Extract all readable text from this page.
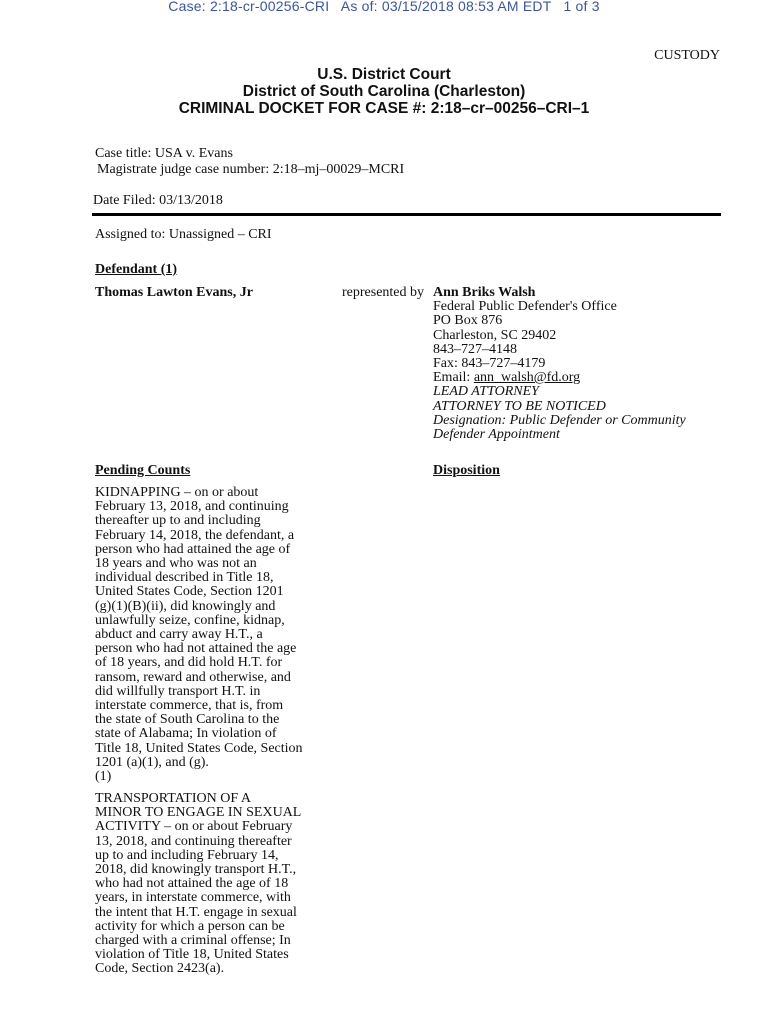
Case: 2:18-cr-00256-CRI   As of: 03/15/2018 08:53 AM EDT   1 of 3
CUSTODY
U.S. District Court
District of South Carolina (Charleston)
CRIMINAL DOCKET FOR CASE #: 2:18–cr–00256–CRI–1
Case title: USA v. Evans
Magistrate judge case number: 2:18–mj–00029–MCRI
Date Filed: 03/13/2018
Assigned to: Unassigned – CRI
Defendant (1)
Thomas Lawton Evans, Jr	represented by Ann Briks Walsh
Federal Public Defender's Office
PO Box 876
Charleston, SC 29402
843–727–4148
Fax: 843–727–4179
Email: ann_walsh@fd.org
LEAD ATTORNEY
ATTORNEY TO BE NOTICED
Designation: Public Defender or Community
Defender Appointment
Pending Counts	Disposition
KIDNAPPING – on or about
February 13, 2018, and continuing
thereafter up to and including
February 14, 2018, the defendant, a
person who had attained the age of
18 years and who was not an
individual described in Title 18,
United States Code, Section 1201
(g)(1)(B)(ii), did knowingly and
unlawfully seize, confine, kidnap,
abduct and carry away H.T., a
person who had not attained the age
of 18 years, and did hold H.T. for
ransom, reward and otherwise, and
did willfully transport H.T. in
interstate commerce, that is, from
the state of South Carolina to the
state of Alabama; In violation of
Title 18, United States Code, Section
1201 (a)(1), and (g).
(1)
TRANSPORTATION OF A
MINOR TO ENGAGE IN SEXUAL
ACTIVITY – on or about February
13, 2018, and continuing thereafter
up to and including February 14,
2018, did knowingly transport H.T.,
who had not attained the age of 18
years, in interstate commerce, with
the intent that H.T. engage in sexual
activity for which a person can be
charged with a criminal offense; In
violation of Title 18, United States
Code, Section 2423(a).
